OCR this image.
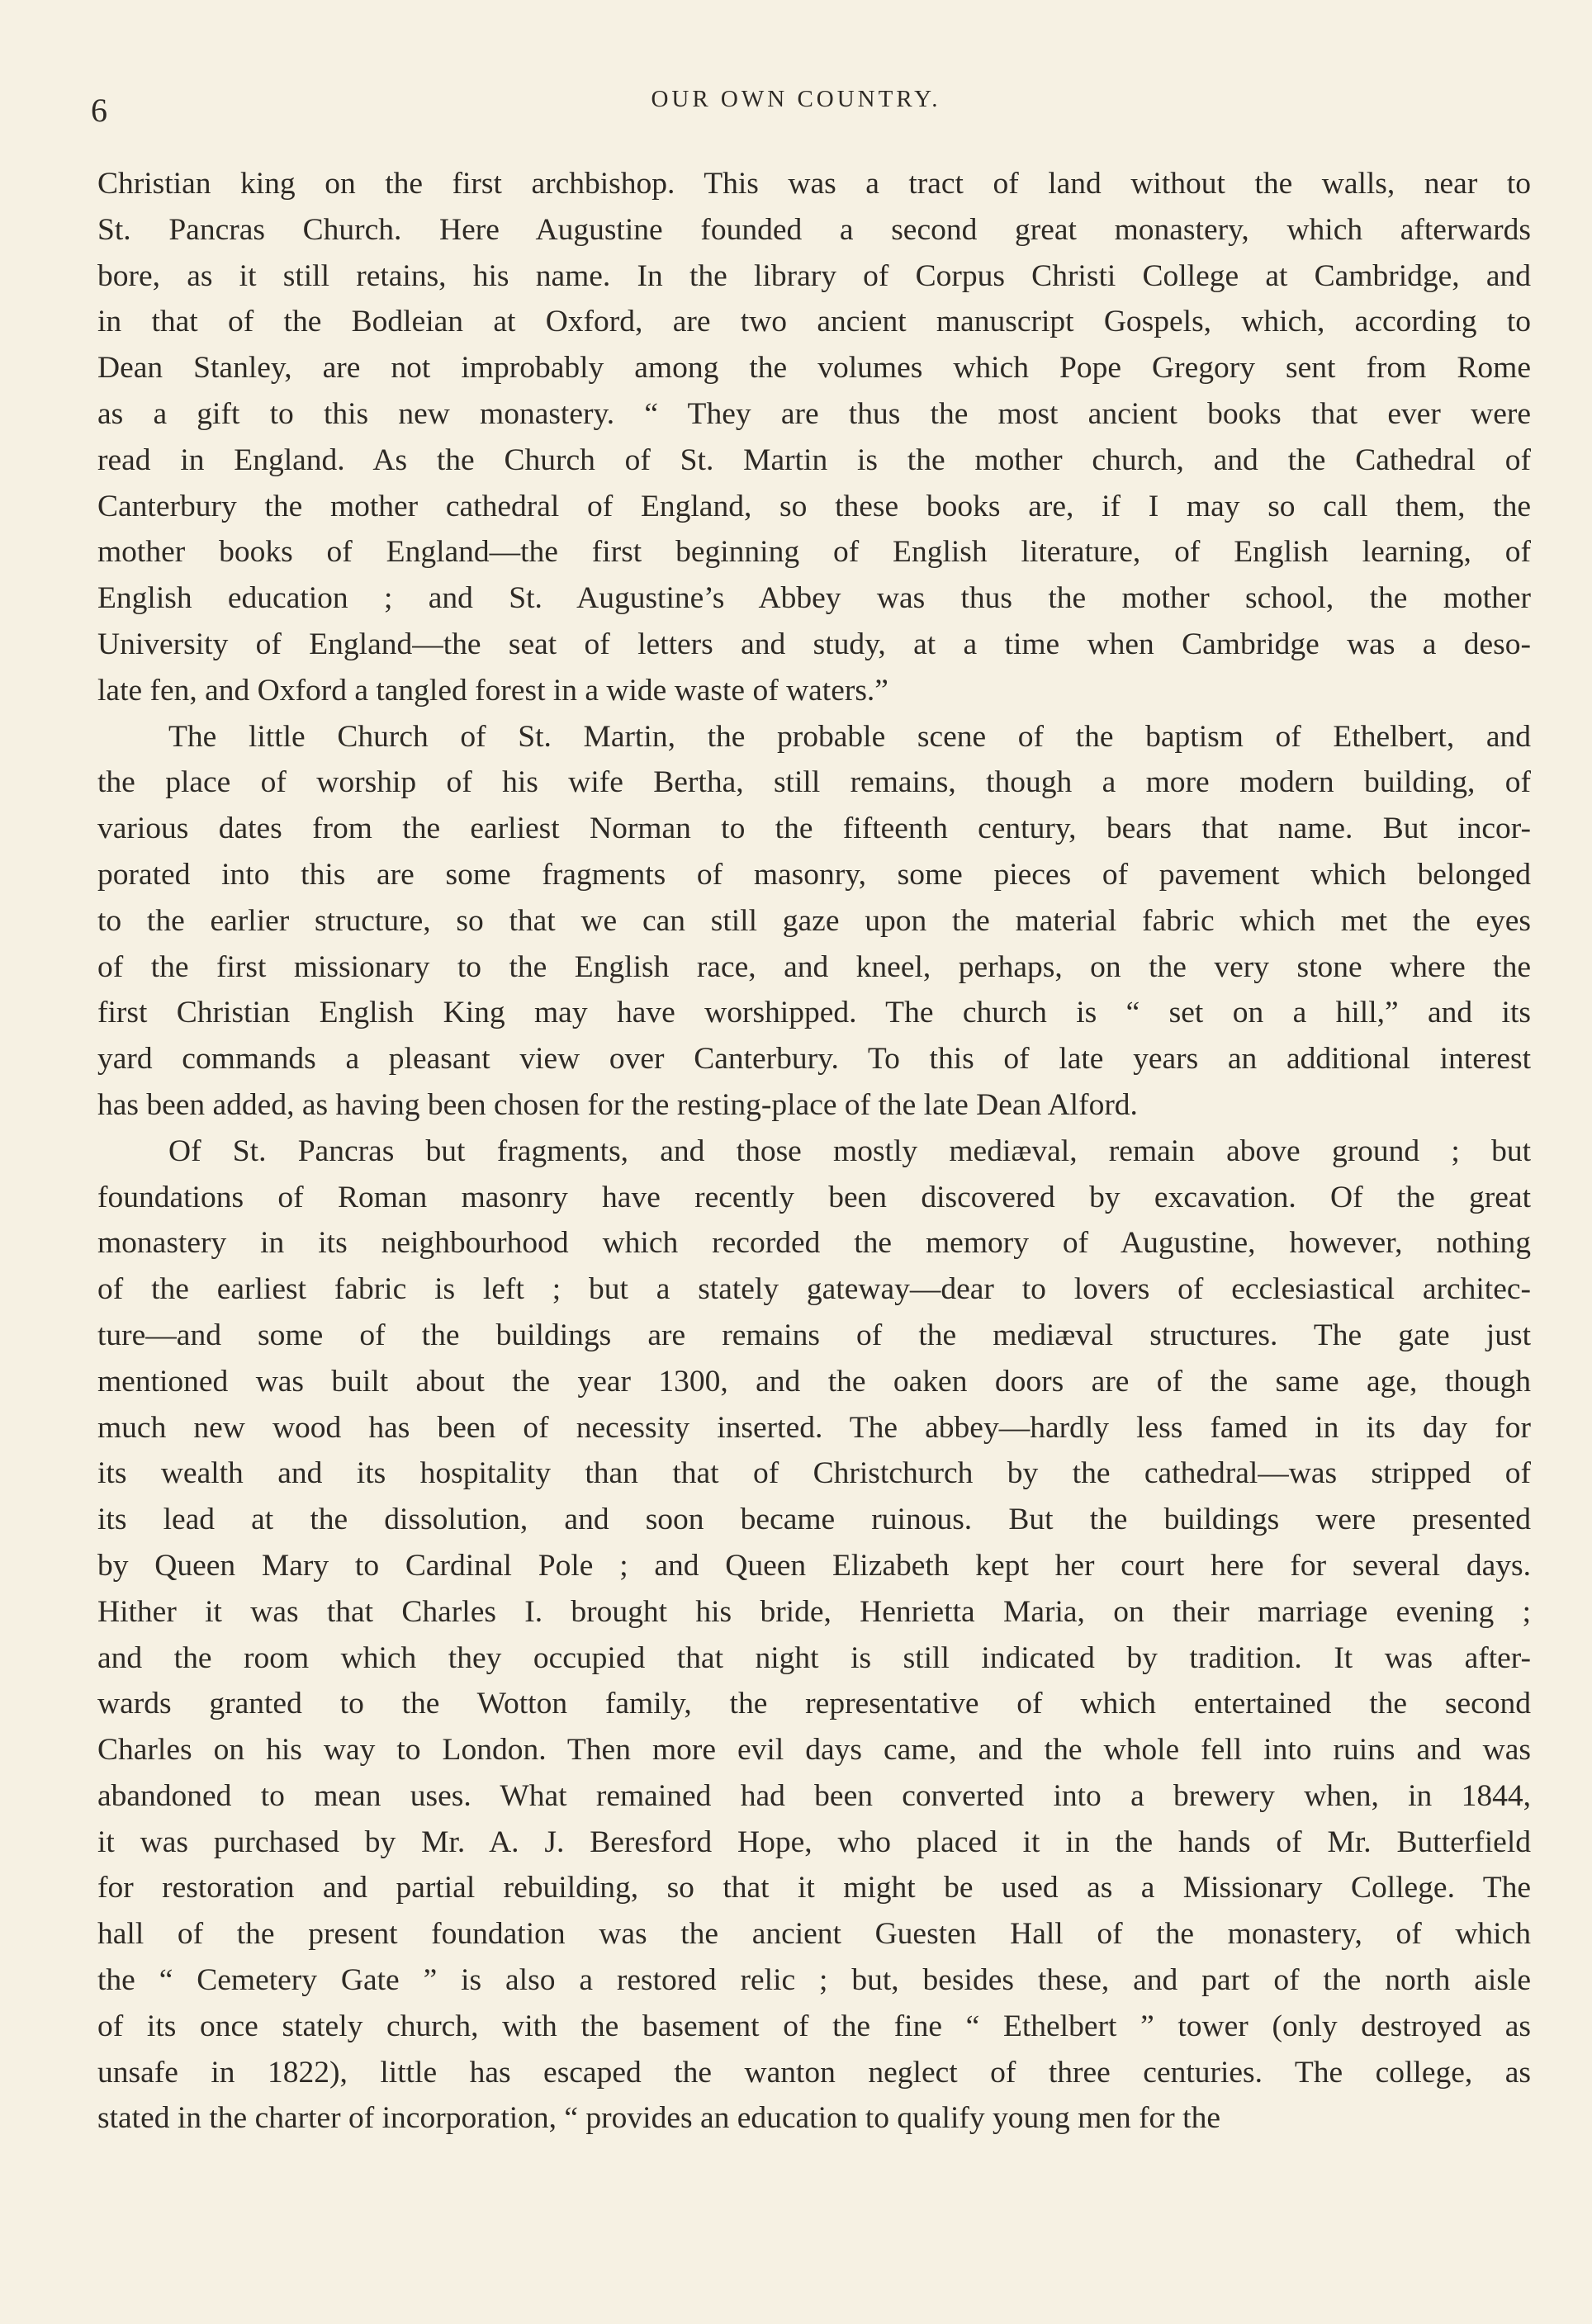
6	OUR OWN COUNTRY.
Christian king on the first archbishop. This was a tract of land without the walls, near to
St. Pancras Church. Here Augustine founded a second great monastery, which afterwards
bore, as it still retains, his name. In the library of Corpus Christi College at Cambridge, and
in that of the Bodleian at Oxford, are two ancient manuscript Gospels, which, according to
Dean Stanley, are not improbably among the volumes which Pope Gregory sent from Rome
as a gift to this new monastery. “ They are thus the most ancient books that ever were
read in England. As the Church of St. Martin is the mother church, and the Cathedral of
Canterbury the mother cathedral of England, so these books are, if I may so call them, the
mother books of England—the first beginning of English literature, of English learning, of
English education ; and St. Augustine’s Abbey was thus the mother school, the mother
University of England—the seat of letters and study, at a time when Cambridge was a deso-
late fen, and Oxford a tangled forest in a wide waste of waters.”
The little Church of St. Martin, the probable scene of the baptism of Ethelbert, and
the place of worship of his wife Bertha, still remains, though a more modern building, of
various dates from the earliest Norman to the fifteenth century, bears that name. But incor-
porated into this are some fragments of masonry, some pieces of pavement which belonged
to the earlier structure, so that we can still gaze upon the material fabric which met the eyes
of the first missionary to the English race, and kneel, perhaps, on the very stone where the
first Christian English King may have worshipped. The church is “ set on a hill,” and its
yard commands a pleasant view over Canterbury. To this of late years an additional interest
has been added, as having been chosen for the resting-place of the late Dean Alford.
Of St. Pancras but fragments, and those mostly mediæval, remain above ground ; but
foundations of Roman masonry have recently been discovered by excavation. Of the great
monastery in its neighbourhood which recorded the memory of Augustine, however, nothing
of the earliest fabric is left ; but a stately gateway—dear to lovers of ecclesiastical architec-
ture—and some of the buildings are remains of the mediæval structures. The gate just
mentioned was built about the year 1300, and the oaken doors are of the same age, though
much new wood has been of necessity inserted. The abbey—hardly less famed in its day for
its wealth and its hospitality than that of Christchurch by the cathedral—was stripped of
its lead at the dissolution, and soon became ruinous. But the buildings were presented
by Queen Mary to Cardinal Pole ; and Queen Elizabeth kept her court here for several days.
Hither it was that Charles I. brought his bride, Henrietta Maria, on their marriage evening ;
and the room which they occupied that night is still indicated by tradition. It was after-
wards granted to the Wotton family, the representative of which entertained the second
Charles on his way to London. Then more evil days came, and the whole fell into ruins and was
abandoned to mean uses. What remained had been converted into a brewery when, in 1844,
it was purchased by Mr. A. J. Beresford Hope, who placed it in the hands of Mr. Butterfield
for restoration and partial rebuilding, so that it might be used as a Missionary College. The
hall of the present foundation was the ancient Guesten Hall of the monastery, of which
the “ Cemetery Gate ” is also a restored relic ; but, besides these, and part of the north aisle
of its once stately church, with the basement of the fine “ Ethelbert ” tower (only destroyed as
unsafe in 1822), little has escaped the wanton neglect of three centuries. The college, as
stated in the charter of incorporation, “ provides an education to qualify young men for the
